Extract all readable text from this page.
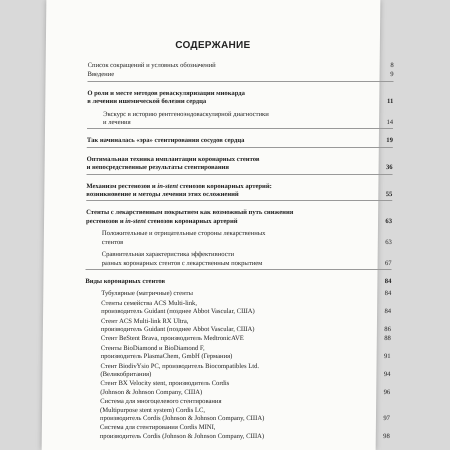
СОДЕРЖАНИЕ
Список сокращений и условных обозначений	8
Введение	9
О роли и месте методов реваскуляризации миокарда
в лечении ишемической болезни сердца	11
Экскурс в историю рентгеноэндоваскулярной диагностики
и лечения	14
Так начиналась «эра» стентирования сосудов сердца	19
Оптимальная техника имплантации коронарных стентов
и непосредственные результаты стентирования	36
Механизм рестенозов и in-stent стенозов коронарных артерий:
возникновение и методы лечения этих осложнений	55
Стенты с лекарственным покрытием как возможный путь снижения
рестенозов и in-stent стенозов коронарных артерий	63
Положительные и отрицательные стороны лекарственных
стентов	63
Сравнительная характеристика эффективности
разных коронарных стентов с лекарственным покрытием	67
Виды коронарных стентов	84
Тубулярные (матричные) стенты	84
Стенты семейства ACS Multi-link,
производитель Guidant (позднее Abbot Vascular, США)	84
Стент ACS Multi-link RX Ultra,
производитель Guidant (позднее Abbot Vascular, США)	86
Стент BeStent Brava, производитель MedtronicAVE	88
Стенты BioDiamond и BioDiamond F,
производитель PlasmaChem, GmbH (Германия)	91
Стент BiodivYsio PC, производитель Biocompatibles Ltd.
(Великобритания)	94
Стент BX Velocity stent, производитель Cordis
(Johnson & Johnson Company, США)	96
Система для многоцелевого стентирования
(Multipurpose stent system) Cordis LC,
производитель Cordis (Johnson & Johnson Company, США)	97
Система для стентирования Cordis MINI,
производитель Cordis (Johnson & Johnson Company, США)	98
